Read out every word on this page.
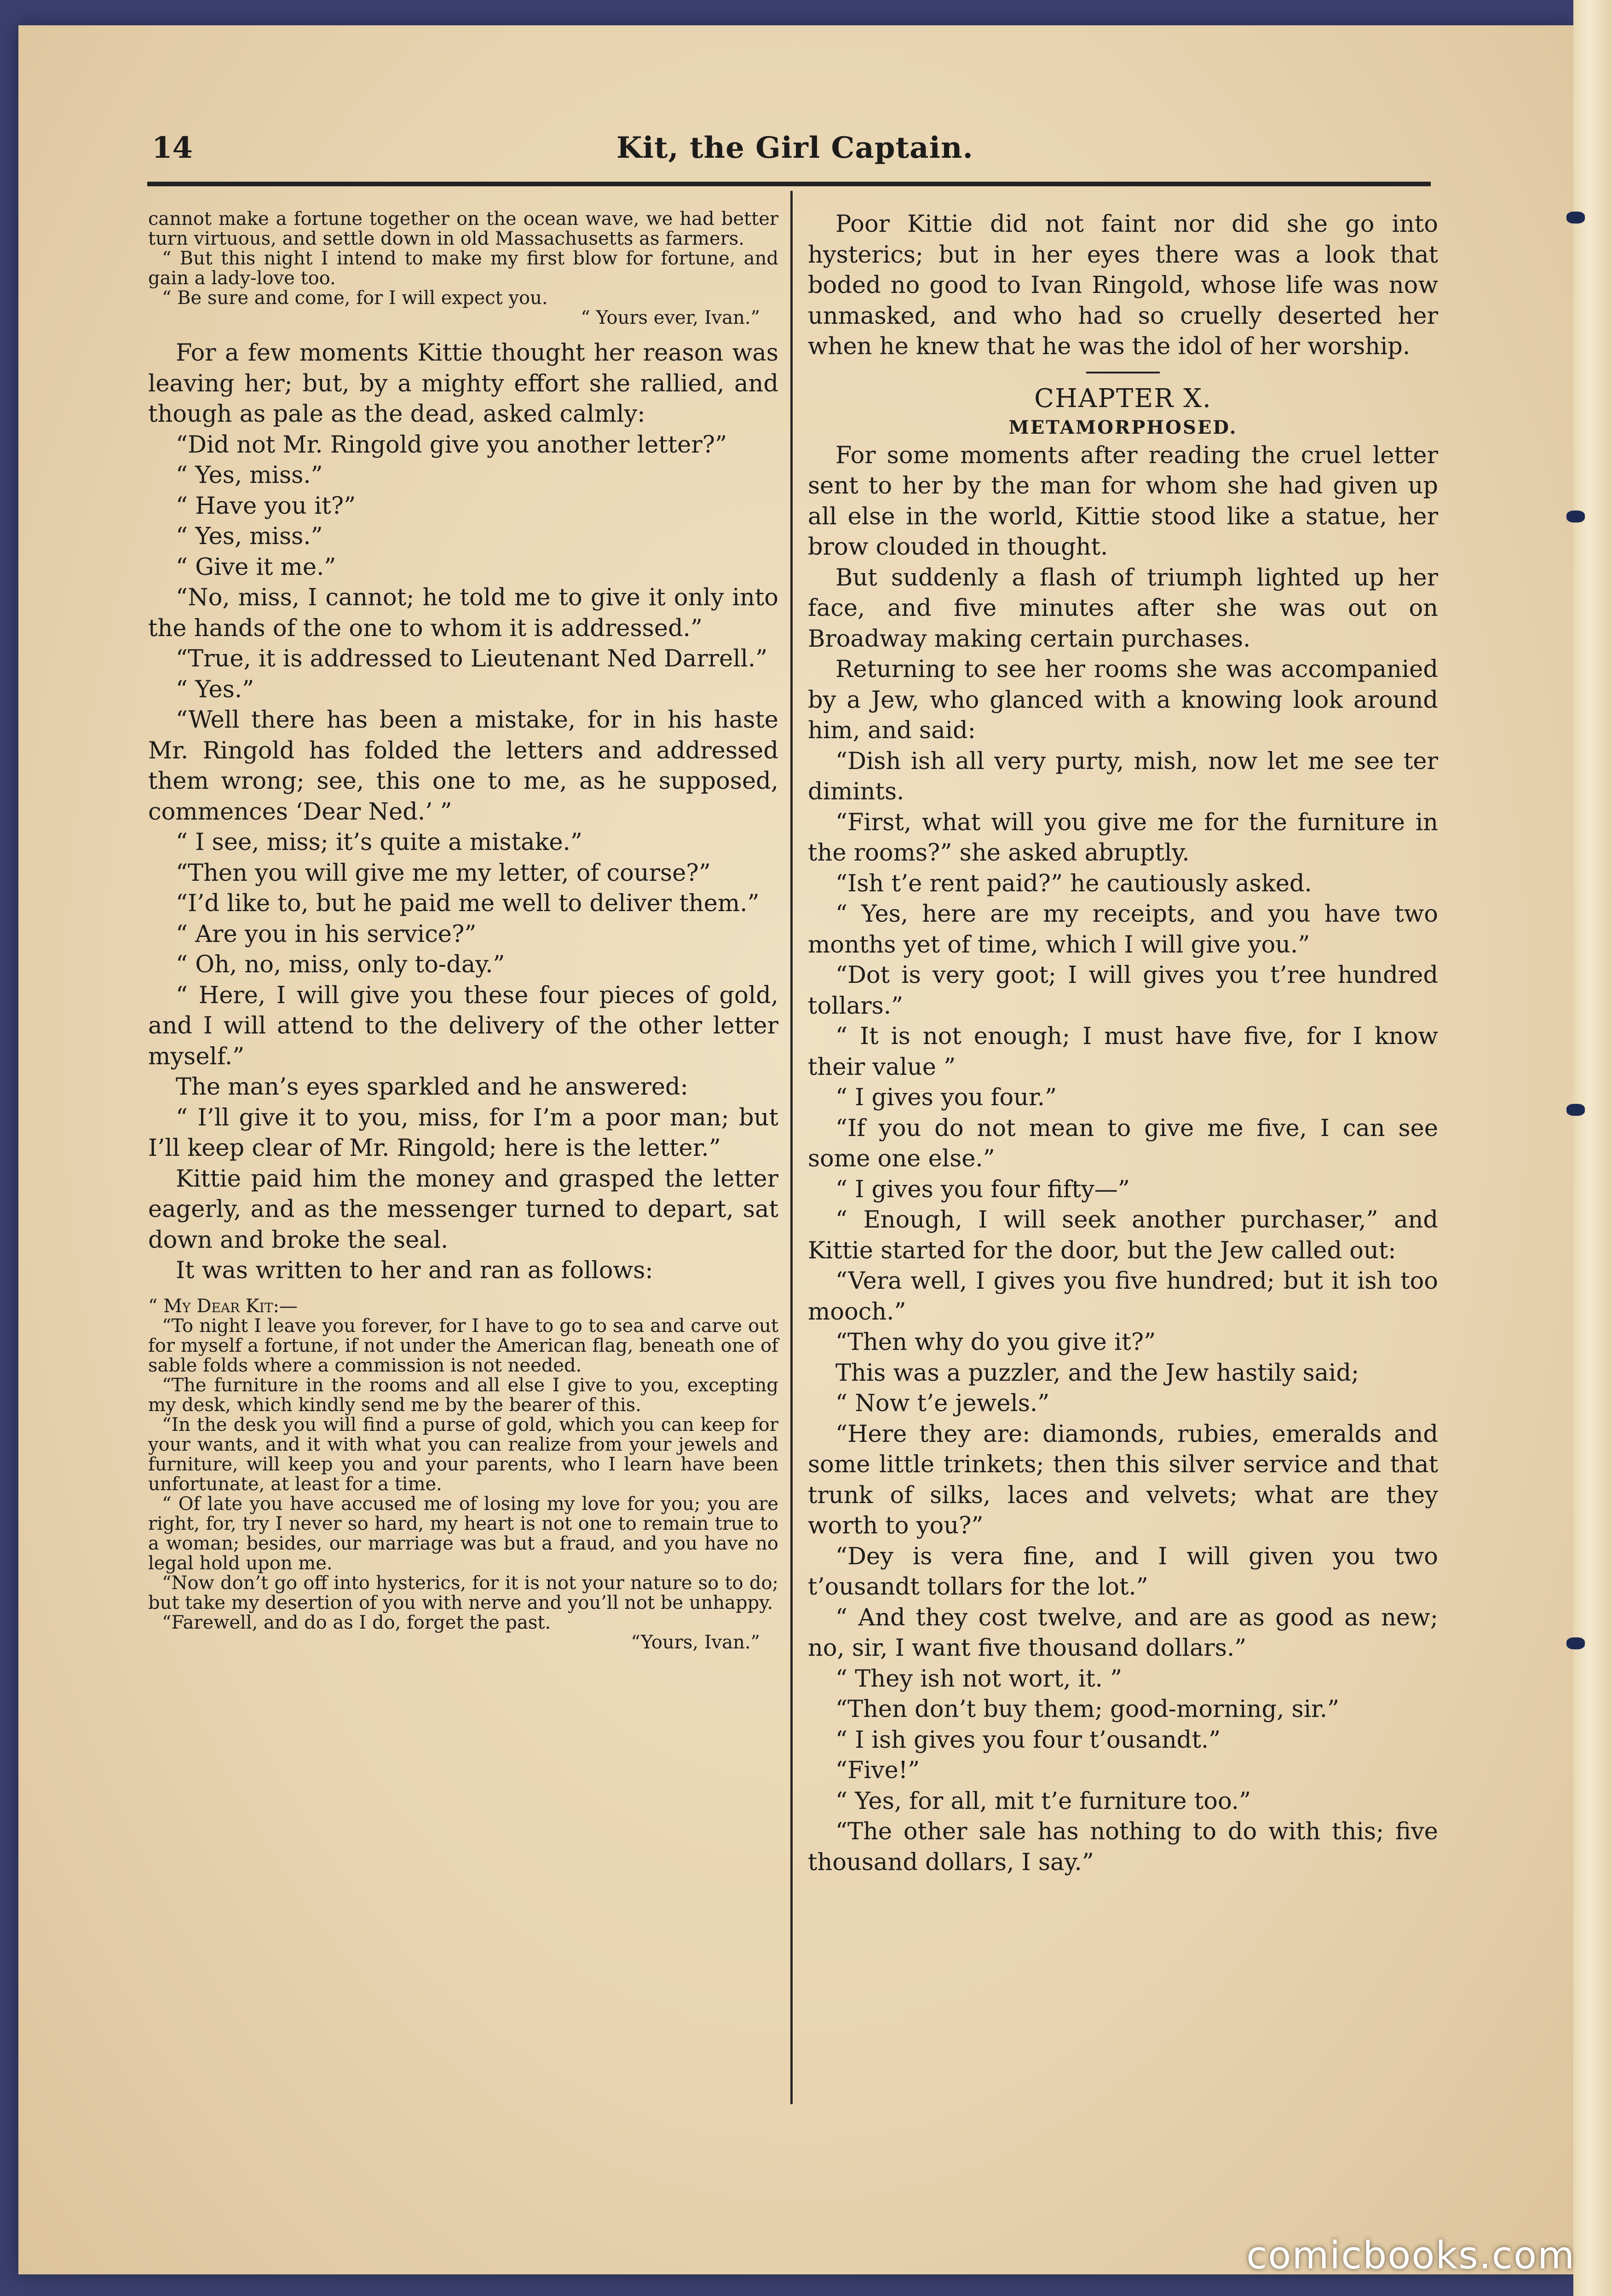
14	Kit, the Girl Captain.

cannot make a fortune together on the ocean wave, we had better turn virtuous, and settle down in old Massachusetts as farmers.

“ But this night I intend to make my first blow for fortune, and gain a lady-love too.

“ Be sure and come, for I will expect you.

“ Yours ever, Ivan.”

For a few moments Kittie thought her reason was leaving her; but, by a mighty effort she rallied, and though as pale as the dead, asked calmly:

“Did not Mr. Ringold give you another letter?”

“ Yes, miss.”

“ Have you it?”

“ Yes, miss.”

“ Give it me.”

“No, miss, I cannot; he told me to give it only into the hands of the one to whom it is addressed.”

“True, it is addressed to Lieutenant Ned Darrell.”

“ Yes.”

“Well there has been a mistake, for in his haste Mr. Ringold has folded the letters and addressed them wrong; see, this one to me, as he supposed, commences ‘Dear Ned.’ ”

“ I see, miss; it’s quite a mistake.”

“Then you will give me my letter, of course?”

“I’d like to, but he paid me well to deliver them.”

“ Are you in his service?”

“ Oh, no, miss, only to-day.”

“ Here, I will give you these four pieces of gold, and I will attend to the delivery of the other letter myself.”

The man’s eyes sparkled and he answered:

“ I’ll give it to you, miss, for I’m a poor man; but I’ll keep clear of Mr. Ringold; here is the letter.”

Kittie paid him the money and grasped the letter eagerly, and as the messenger turned to depart, sat down and broke the seal.

It was written to her and ran as follows:

“ My Dear Kit:—

“To night I leave you forever, for I have to go to sea and carve out for myself a fortune, if not under the American flag, beneath one of sable folds where a commission is not needed.

“The furniture in the rooms and all else I give to you, excepting my desk, which kindly send me by the bearer of this.

“In the desk you will find a purse of gold, which you can keep for your wants, and it with what you can realize from your jewels and furniture, will keep you and your parents, who I learn have been unfortunate, at least for a time.

“ Of late you have accused me of losing my love for you; you are right, for, try I never so hard, my heart is not one to remain true to a woman; besides, our marriage was but a fraud, and you have no legal hold upon me.

“Now don’t go off into hysterics, for it is not your nature so to do; but take my desertion of you with nerve and you’ll not be unhappy.

“Farewell, and do as I do, forget the past.

“Yours, Ivan.”

Poor Kittie did not faint nor did she go into hysterics; but in her eyes there was a look that boded no good to Ivan Ringold, whose life was now unmasked, and who had so cruelly deserted her when he knew that he was the idol of her worship.

CHAPTER X.
METAMORPHOSED.

For some moments after reading the cruel letter sent to her by the man for whom she had given up all else in the world, Kittie stood like a statue, her brow clouded in thought.

But suddenly a flash of triumph lighted up her face, and five minutes after she was out on Broadway making certain purchases.

Returning to see her rooms she was accompanied by a Jew, who glanced with a knowing look around him, and said:

“Dish ish all very purty, mish, now let me see ter dimints.

“First, what will you give me for the furniture in the rooms?” she asked abruptly.

“Ish t’e rent paid?” he cautiously asked.

“ Yes, here are my receipts, and you have two months yet of time, which I will give you.”

“Dot is very goot; I will gives you t’ree hundred tollars.”

“ It is not enough; I must have five, for I know their value ”

“ I gives you four.”

“If you do not mean to give me five, I can see some one else.”

“ I gives you four fifty—”

“ Enough, I will seek another purchaser,” and Kittie started for the door, but the Jew called out:

“Vera well, I gives you five hundred; but it ish too mooch.”

“Then why do you give it?”

This was a puzzler, and the Jew hastily said;

“ Now t’e jewels.”

“Here they are: diamonds, rubies, emeralds and some little trinkets; then this silver service and that trunk of silks, laces and velvets; what are they worth to you?”

“Dey is vera fine, and I will given you two t’ousandt tollars for the lot.”

“ And they cost twelve, and are as good as new; no, sir, I want five thousand dollars.”

“ They ish not wort, it. ”

“Then don’t buy them; good-morning, sir.”

“ I ish gives you four t’ousandt.”

“Five!”

“ Yes, for all, mit t’e furniture too.”

“The other sale has nothing to do with this; five thousand dollars, I say.”

comicbooks.com
